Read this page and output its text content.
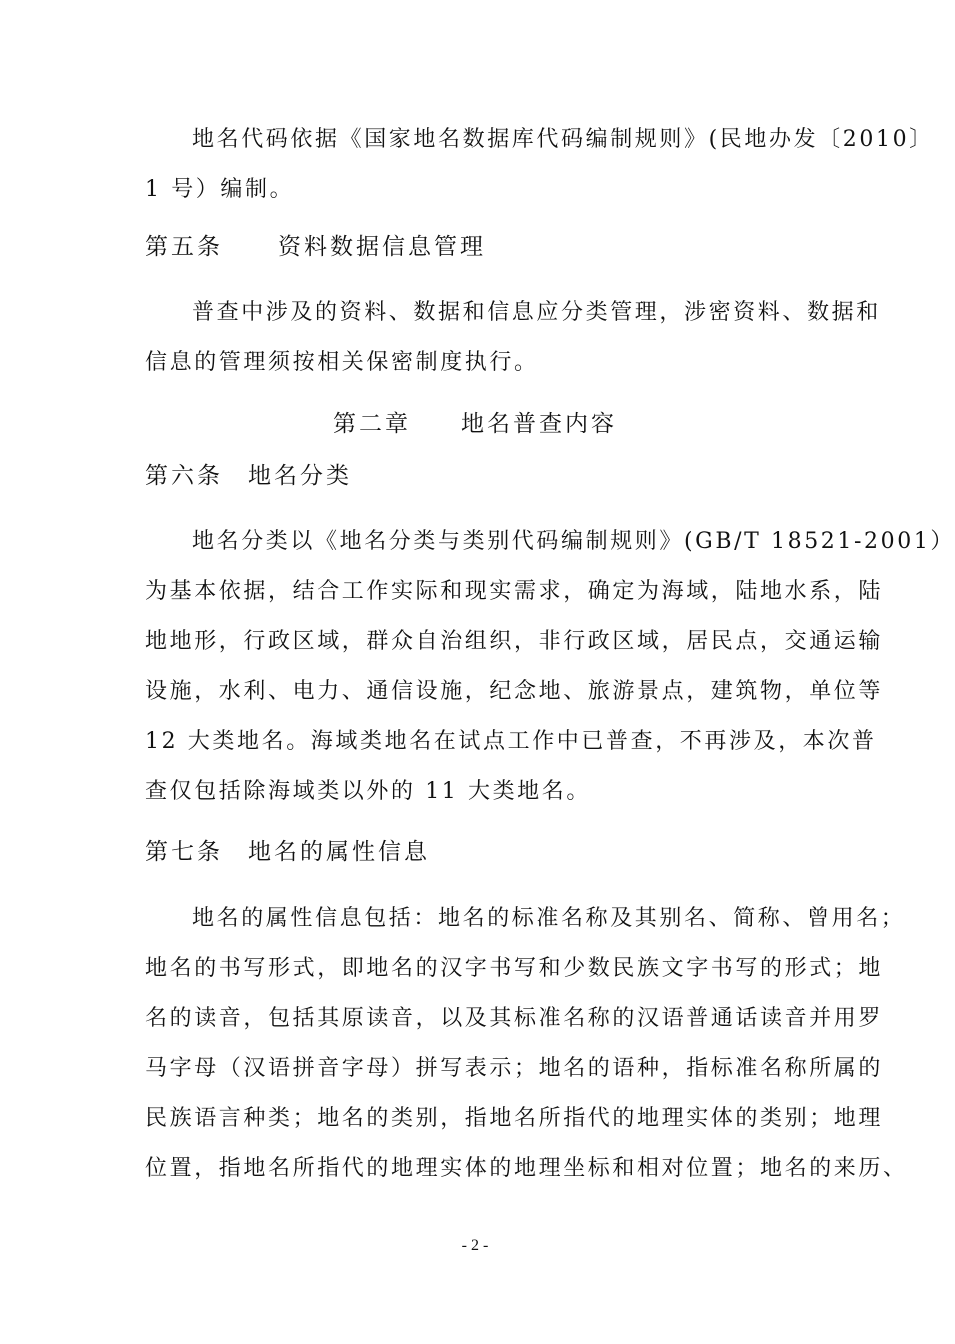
地名代码依据《国家地名数据库代码编制规则》(民地办发〔2010〕
1 号）编制。
第五条 资料数据信息管理
普查中涉及的资料、数据和信息应分类管理，涉密资料、数据和
信息的管理须按相关保密制度执行。
第二章 地名普查内容
第六条 地名分类
地名分类以《地名分类与类别代码编制规则》(GB/T 18521-2001）
为基本依据，结合工作实际和现实需求，确定为海域，陆地水系，陆
地地形，行政区域，群众自治组织，非行政区域，居民点，交通运输
设施，水利、电力、通信设施，纪念地、旅游景点，建筑物，单位等
12 大类地名。海域类地名在试点工作中已普查，不再涉及，本次普
查仅包括除海域类以外的 11 大类地名。
第七条 地名的属性信息
地名的属性信息包括：地名的标准名称及其别名、简称、曾用名；
地名的书写形式，即地名的汉字书写和少数民族文字书写的形式；地
名的读音，包括其原读音，以及其标准名称的汉语普通话读音并用罗
马字母（汉语拼音字母）拼写表示；地名的语种，指标准名称所属的
民族语言种类；地名的类别，指地名所指代的地理实体的类别；地理
位置，指地名所指代的地理实体的地理坐标和相对位置；地名的来历、
- 2 -
